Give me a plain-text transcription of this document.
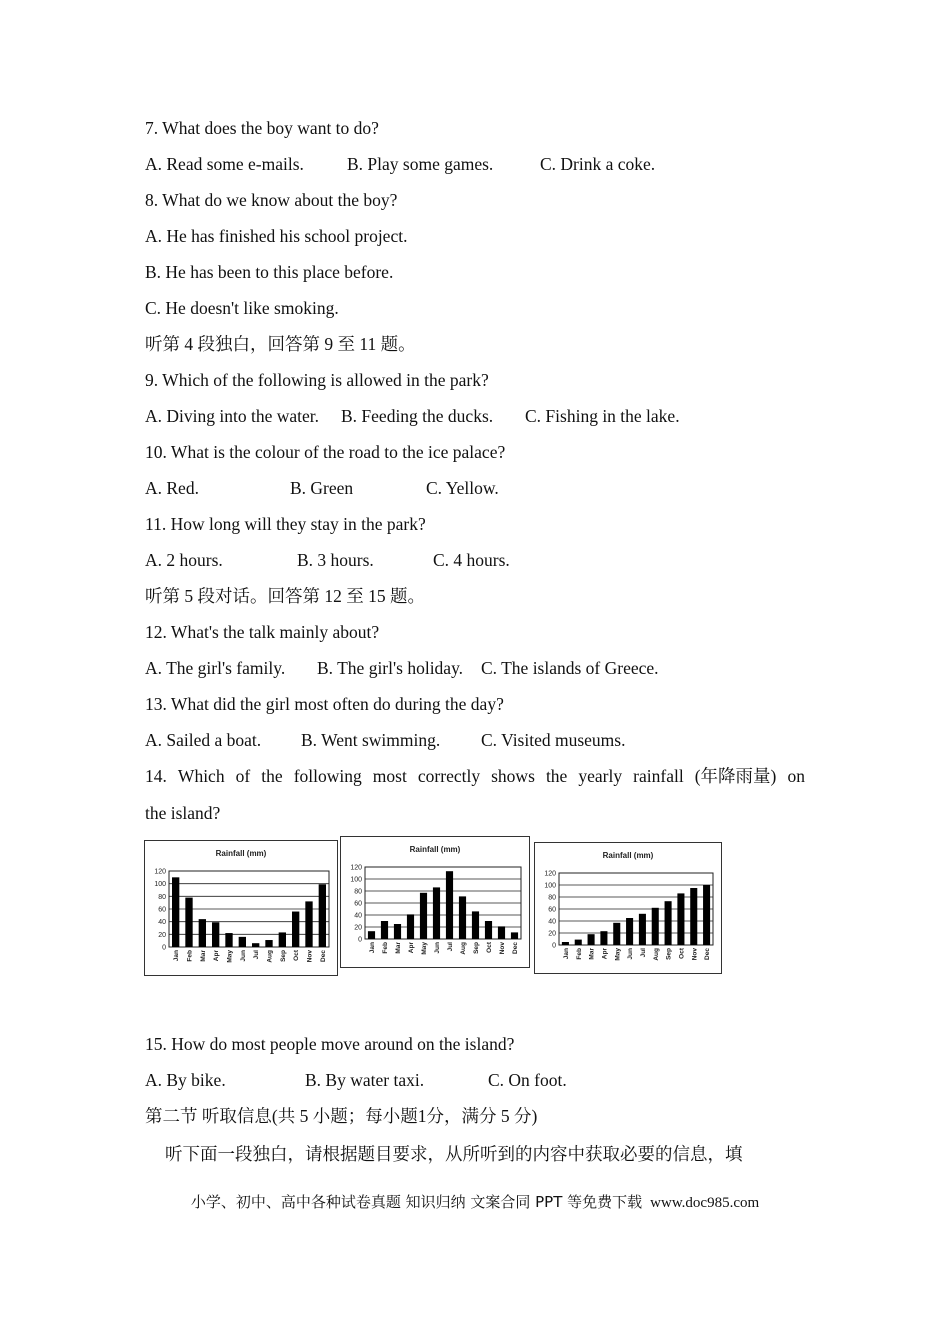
7. What does the boy want to do?
A. Read some e-mails. B. Play some games.	C. Drink a coke.
8. What do we know about the boy?
A. He has finished his school project.
B. He has been to this place before.
C. He doesn't like smoking.
听第 4 段独白，回答第 9 至 11 题。
9. Which of the following is allowed in the park?
A. Diving into the water. B. Feeding the ducks. C. Fishing in the lake.
10. What is the colour of the road to the ice palace?
A. Red.	B. Green	C. Yellow.
11. How long will they stay in the park?
A. 2 hours.	B. 3 hours.	C. 4 hours.
听第 5 段对话。回答第 12 至 15 题。
12. What's the talk mainly about?
A. The girl's family. B. The girl's holiday. C. The islands of Greece.
13. What did the girl most often do during the day?
A. Sailed a boat. B. Went swimming. C. Visited museums.
14. Which of the following most correctly shows the yearly rainfall (年降雨量) on
the island?
Rainfall (mm)
0
20
40
60
80
100
120
Jan Feb Mar Apr May Jun Jul Aug Sep Oct Nov Dec
Rainfall (mm)
0
20
40
60
80
100
120
Jan Feb Mar Apr May Jun Jul Aug Sep Oct Nov Dec
Rainfall (mm)
0
20
40
60
80
100
120
Jan Feb Mar Apr May Jun Jul Aug Sep Oct Nov Dec
15. How do most people move around on the island?
A. By bike.	B. By water taxi.	C. On foot.
第二节 听取信息(共 5 小题；每小题1分，满分 5 分)
听下面一段独白，请根据题目要求，从所听到的内容中获取必要的信息，填
小学、初中、高中各种试卷真题 知识归纳 文案合同 PPT 等免费下载 www.doc985.com
